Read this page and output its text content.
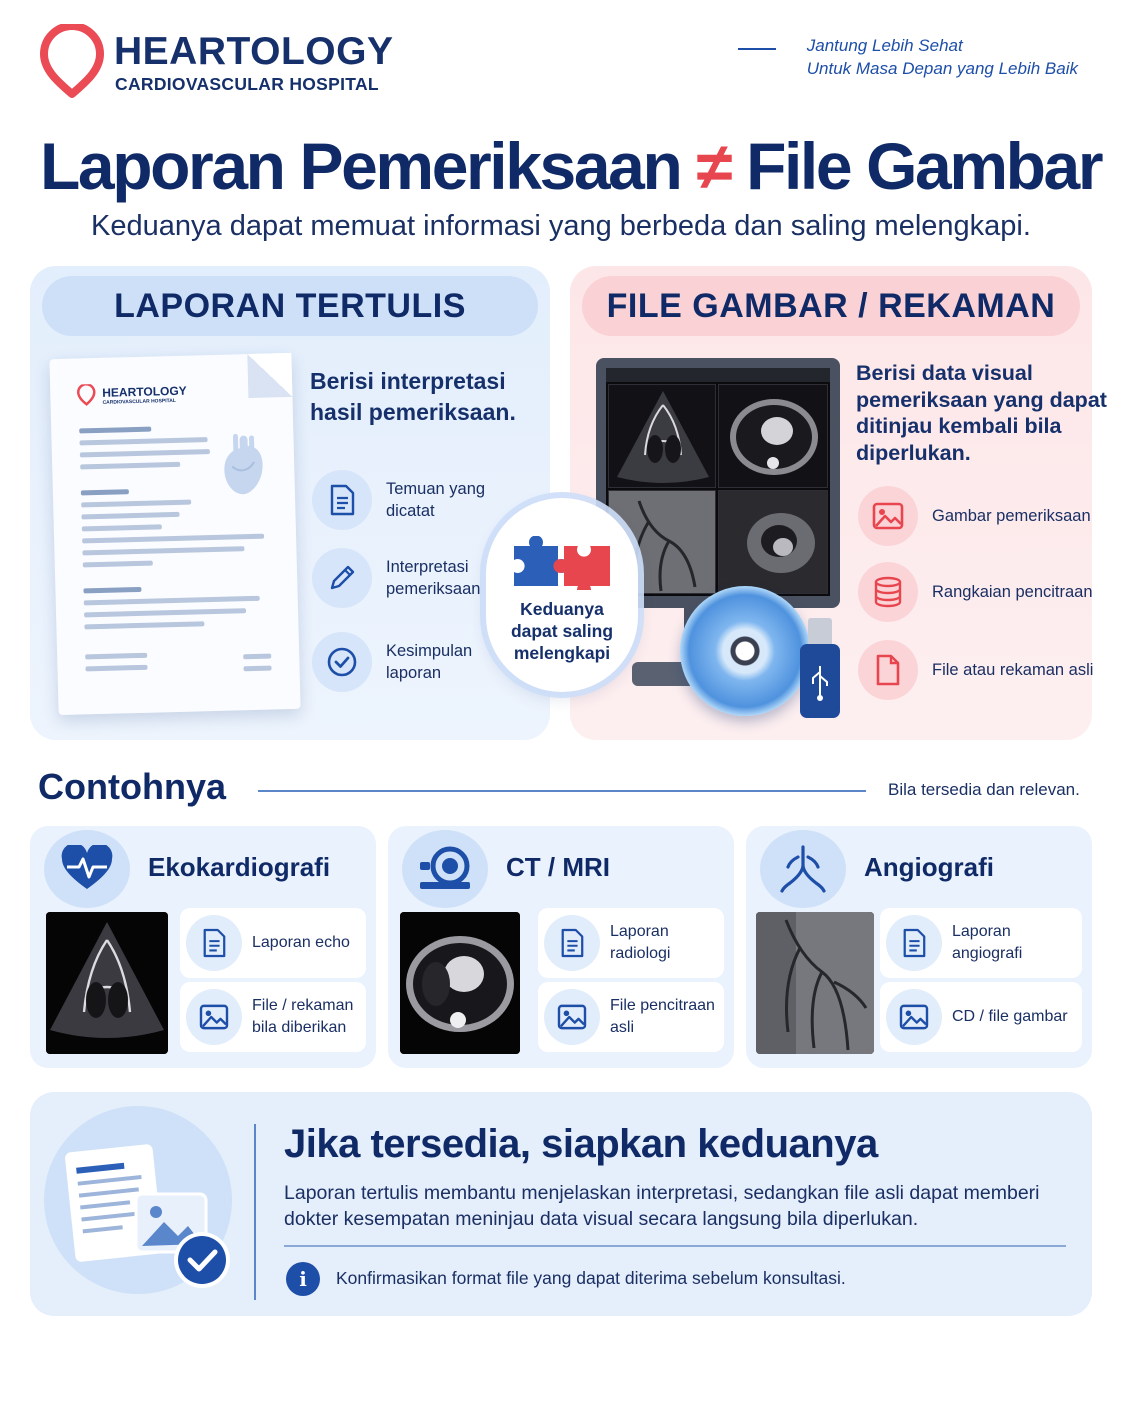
HEARTOLOGY
CARDIOVASCULAR HOSPITAL
Jantung Lebih Sehat
Untuk Masa Depan yang Lebih Baik
Laporan Pemeriksaan ≠ File Gambar
Keduanya dapat memuat informasi yang berbeda dan saling melengkapi.
LAPORAN TERTULIS
HEARTOLOGY
CARDIOVASCULAR HOSPITAL
Berisi interpretasi
hasil pemeriksaan.
Temuan yang
dicatat
Interpretasi
pemeriksaan
Kesimpulan
laporan
FILE GAMBAR / REKAMAN
Keduanya
dapat saling
melengkapi
Berisi data visual
pemeriksaan yang dapat
ditinjau kembali bila
diperlukan.
Gambar pemeriksaan
Rangkaian pencitraan
File atau rekaman asli
Contohnya	Bila tersedia dan relevan.
Ekokardiografi
Laporan echo
File / rekaman
bila diberikan
CT / MRI
Laporan radiologi
File pencitraan
asli
Angiografi
Laporan angiografi
CD / file gambar
Jika tersedia, siapkan keduanya
Laporan tertulis membantu menjelaskan interpretasi, sedangkan file asli dapat memberi dokter kesempatan meninjau data visual secara langsung bila diperlukan.
i	Konfirmasikan format file yang dapat diterima sebelum konsultasi.
